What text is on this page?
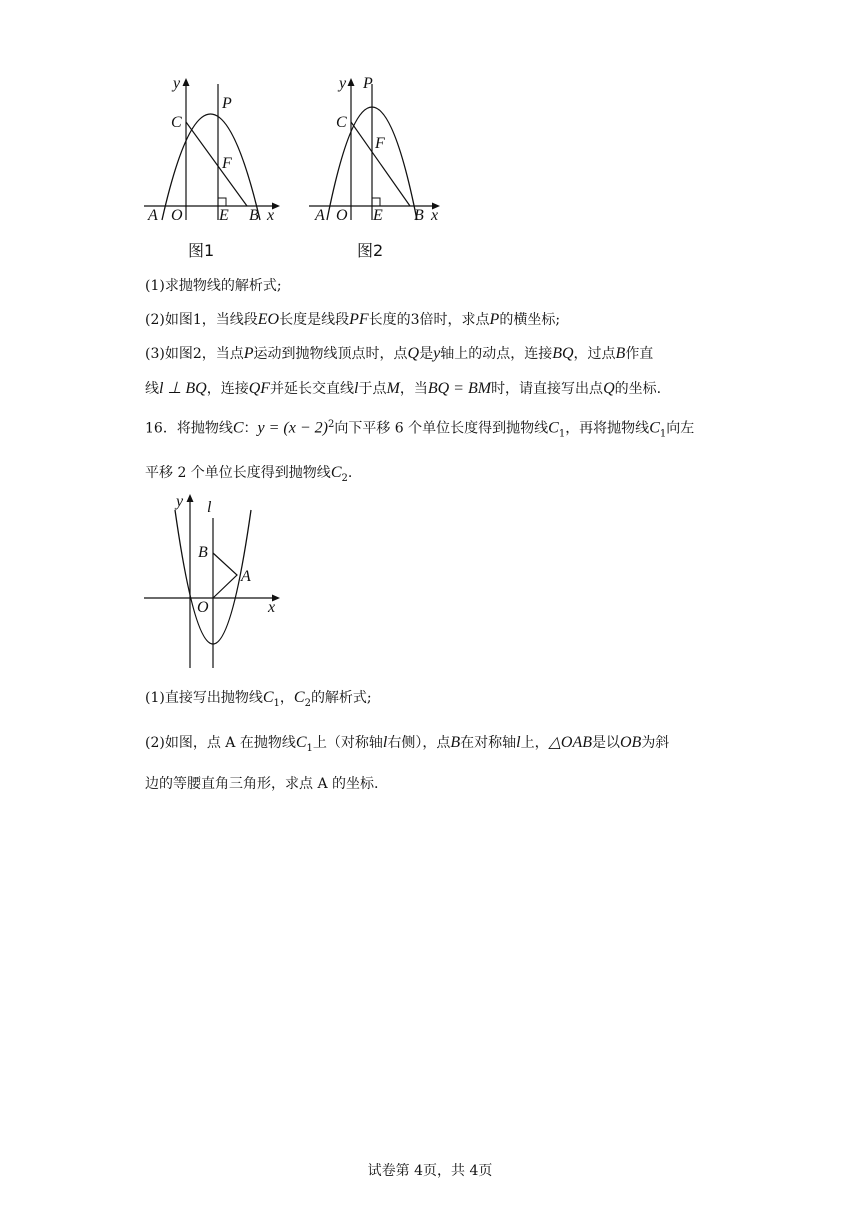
y
P
C
F
A O E B x
图1
y P
C
F
A O E B x
图2
(1)求抛物线的解析式;
(2)如图1，当线段EO长度是线段PF长度的3倍时，求点P的横坐标;
(3)如图2，当点P运动到抛物线顶点时，点Q是y轴上的动点，连接BQ，过点B作直
线l ⊥ BQ，连接QF并延长交直线l于点M，当BQ = BM时，请直接写出点Q的坐标.
16．将抛物线C：$y = (x - 2)^2$向下平移 6 个单位长度得到抛物线$C_1$，再将抛物线$C_1$向左
平移 2 个单位长度得到抛物线$C_2$.
y l
B
A
O	x
(1)直接写出抛物线$C_1$，$C_2$的解析式;
(2)如图，点 A 在抛物线$C_1$上（对称轴l右侧），点B在对称轴l上，△OAB是以OB为斜
边的等腰直角三角形，求点 A 的坐标.
试卷第 4页，共 4页
